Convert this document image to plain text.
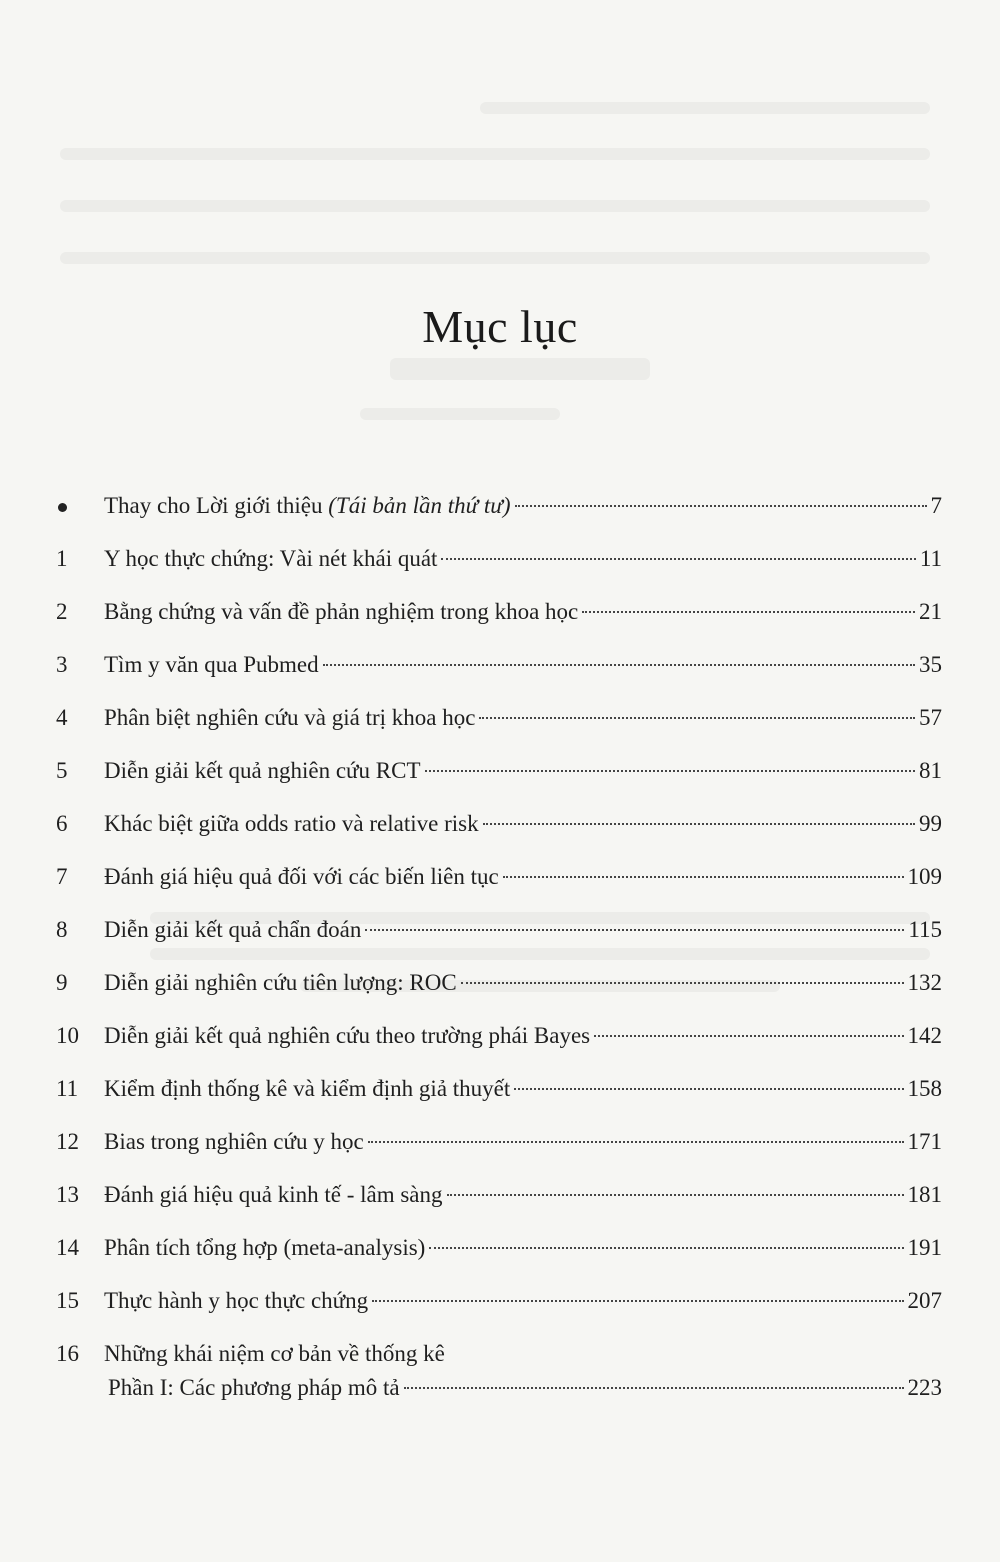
Mục lục
Thay cho Lời giới thiệu (Tái bản lần thứ tư)	7
1	Y học thực chứng: Vài nét khái quát	11
2	Bằng chứng và vấn đề phản nghiệm trong khoa học	21
3	Tìm y văn qua Pubmed	35
4	Phân biệt nghiên cứu và giá trị khoa học	57
5	Diễn giải kết quả nghiên cứu RCT	81
6	Khác biệt giữa odds ratio và relative risk	99
7	Đánh giá hiệu quả đối với các biến liên tục	109
8	Diễn giải kết quả chẩn đoán	115
9	Diễn giải nghiên cứu tiên lượng: ROC	132
10	Diễn giải kết quả nghiên cứu theo trường phái Bayes	142
11	Kiểm định thống kê và kiểm định giả thuyết	158
12	Bias trong nghiên cứu y học	171
13	Đánh giá hiệu quả kinh tế - lâm sàng	181
14	Phân tích tổng hợp (meta-analysis)	191
15	Thực hành y học thực chứng	207
16	Những khái niệm cơ bản về thống kê
Phần I: Các phương pháp mô tả	223
